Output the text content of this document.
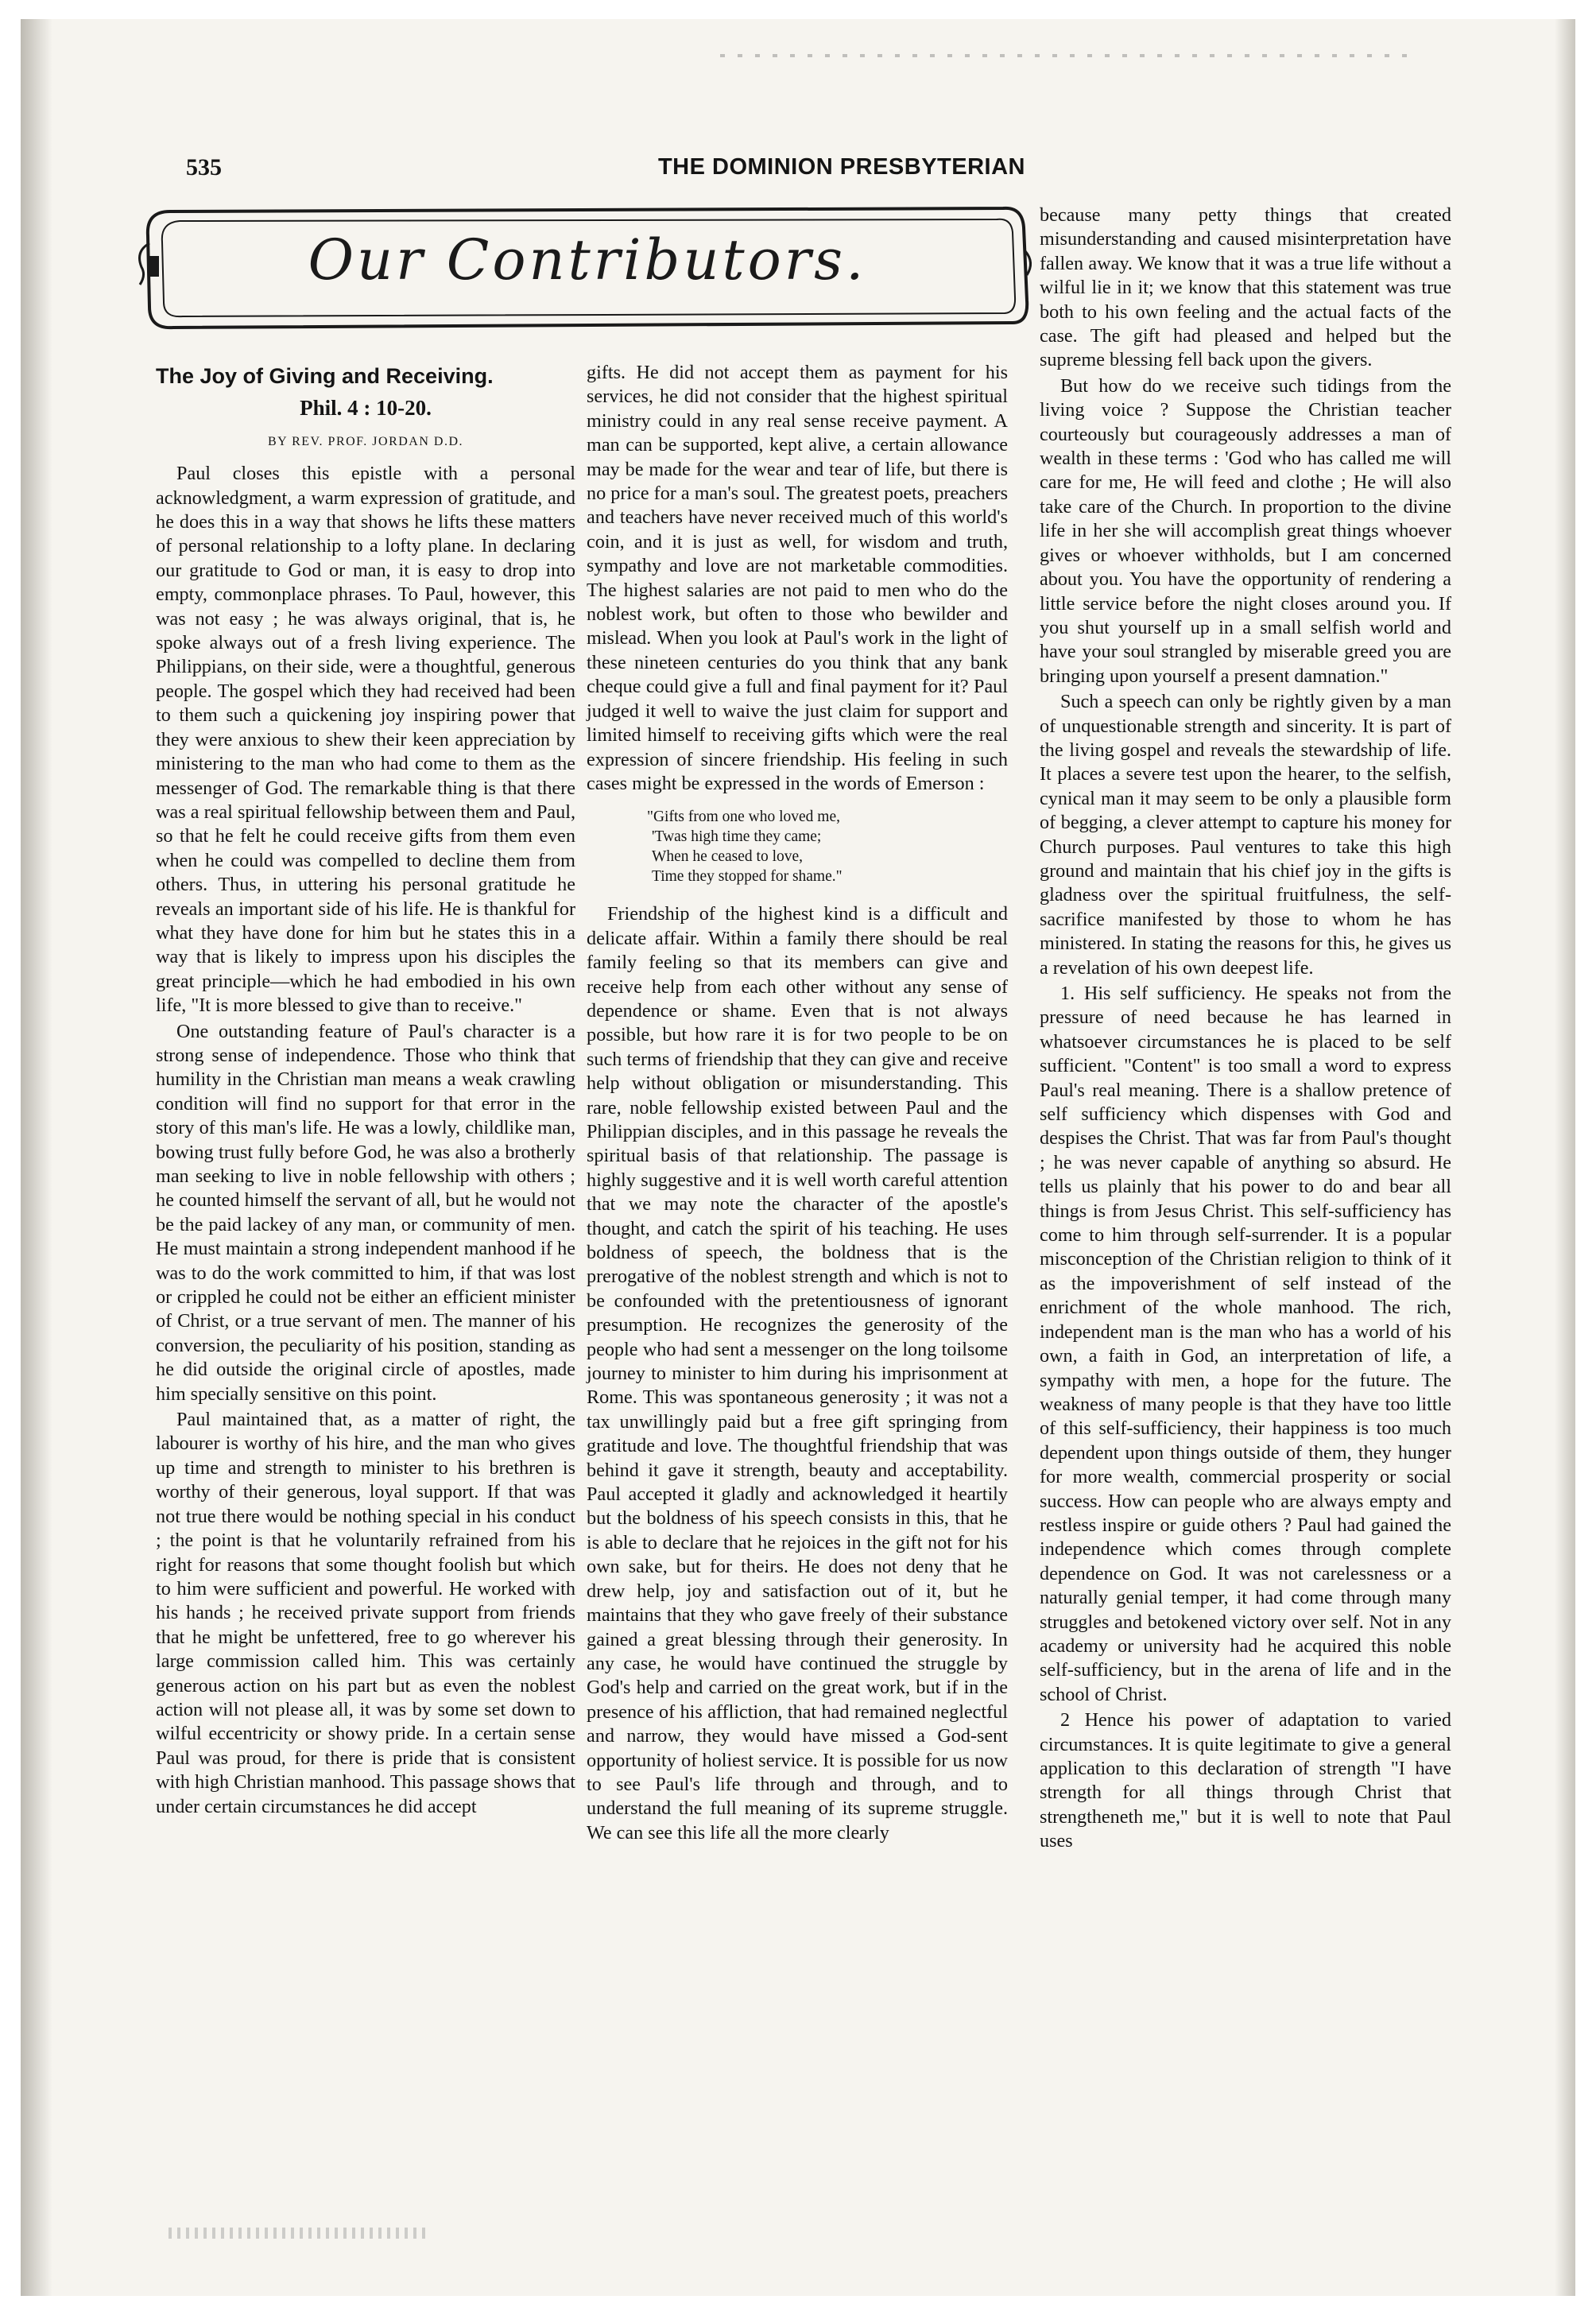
535	THE DOMINION PRESBYTERIAN
Our Contributors.
The Joy of Giving and Receiving.
Phil. 4 : 10-20.
BY REV. PROF. JORDAN D.D.

Paul closes this epistle with a personal acknowledgment, a warm expression of gratitude, and he does this in a way that shows he lifts these matters of personal relationship to a lofty plane. In declaring our gratitude to God or man, it is easy to drop into empty, commonplace phrases. To Paul, however, this was not easy ; he was always original, that is, he spoke always out of a fresh living experience. The Philippians, on their side, were a thoughtful, generous people. The gospel which they had received had been to them such a quickening joy inspiring power that they were anxious to shew their keen appreciation by ministering to the man who had come to them as the messenger of God. The remarkable thing is that there was a real spiritual fellowship between them and Paul, so that he felt he could receive gifts from them even when he could was compelled to decline them from others. Thus, in uttering his personal gratitude he reveals an important side of his life. He is thankful for what they have done for him but he states this in a way that is likely to impress upon his disciples the great principle—which he had embodied in his own life, "It is more blessed to give than to receive."

One outstanding feature of Paul's character is a strong sense of independence. Those who think that humility in the Christian man means a weak crawling condition will find no support for that error in the story of this man's life. He was a lowly, childlike man, bowing trust fully before God, he was also a brotherly man seeking to live in noble fellowship with others ; he counted himself the servant of all, but he would not be the paid lackey of any man, or community of men. He must maintain a strong independent manhood if he was to do the work committed to him, if that was lost or crippled he could not be either an efficient minister of Christ, or a true servant of men. The manner of his conversion, the peculiarity of his position, standing as he did outside the original circle of apostles, made him specially sensitive on this point.

Paul maintained that, as a matter of right, the labourer is worthy of his hire, and the man who gives up time and strength to minister to his brethren is worthy of their generous, loyal support. If that was not true there would be nothing special in his conduct ; the point is that he voluntarily refrained from his right for reasons that some thought foolish but which to him were sufficient and powerful. He worked with his hands ; he received private support from friends that he might be unfettered, free to go wherever his large commission called him. This was certainly generous action on his part but as even the noblest action will not please all, it was by some set down to wilful eccentricity or showy pride. In a certain sense Paul was proud, for there is pride that is consistent with high Christian manhood. This passage shows that under certain circumstances he did accept

gifts. He did not accept them as payment for his services, he did not consider that the highest spiritual ministry could in any real sense receive payment. A man can be supported, kept alive, a certain allowance may be made for the wear and tear of life, but there is no price for a man's soul. The greatest poets, preachers and teachers have never received much of this world's coin, and it is just as well, for wisdom and truth, sympathy and love are not marketable commodities. The highest salaries are not paid to men who do the noblest work, but often to those who bewilder and mislead. When you look at Paul's work in the light of these nineteen centuries do you think that any bank cheque could give a full and final payment for it? Paul judged it well to waive the just claim for support and limited himself to receiving gifts which were the real expression of sincere friendship. His feeling in such cases might be expressed in the words of Emerson :

"Gifts from one who loved me,
'Twas high time they came;
When he ceased to love,
Time they stopped for shame."

Friendship of the highest kind is a difficult and delicate affair. Within a family there should be real family feeling so that its members can give and receive help from each other without any sense of dependence or shame. Even that is not always possible, but how rare it is for two people to be on such terms of friendship that they can give and receive help without obligation or misunderstanding. This rare, noble fellowship existed between Paul and the Philippian disciples, and in this passage he reveals the spiritual basis of that relationship. The passage is highly suggestive and it is well worth careful attention that we may note the character of the apostle's thought, and catch the spirit of his teaching. He uses boldness of speech, the boldness that is the prerogative of the noblest strength and which is not to be confounded with the pretentiousness of ignorant presumption. He recognizes the generosity of the people who had sent a messenger on the long toilsome journey to minister to him during his imprisonment at Rome. This was spontaneous generosity ; it was not a tax unwillingly paid but a free gift springing from gratitude and love. The thoughtful friendship that was behind it gave it strength, beauty and acceptability. Paul accepted it gladly and acknowledged it heartily but the boldness of his speech consists in this, that he is able to declare that he rejoices in the gift not for his own sake, but for theirs. He does not deny that he drew help, joy and satisfaction out of it, but he maintains that they who gave freely of their substance gained a great blessing through their generosity. In any case, he would have continued the struggle by God's help and carried on the great work, but if in the presence of his affliction, that had remained neglectful and narrow, they would have missed a God-sent opportunity of holiest service. It is possible for us now to see Paul's life through and through, and to understand the full meaning of its supreme struggle. We can see this life all the more clearly

because many petty things that created misunderstanding and caused misinterpretation have fallen away. We know that it was a true life without a wilful lie in it; we know that this statement was true both to his own feeling and the actual facts of the case. The gift had pleased and helped but the supreme blessing fell back upon the givers.

But how do we receive such tidings from the living voice ? Suppose the Christian teacher courteously but courageously addresses a man of wealth in these terms : 'God who has called me will care for me, He will feed and clothe ; He will also take care of the Church. In proportion to the divine life in her she will accomplish great things whoever gives or whoever withholds, but I am concerned about you. You have the opportunity of rendering a little service before the night closes around you. If you shut yourself up in a small selfish world and have your soul strangled by miserable greed you are bringing upon yourself a present damnation."

Such a speech can only be rightly given by a man of unquestionable strength and sincerity. It is part of the living gospel and reveals the stewardship of life. It places a severe test upon the hearer, to the selfish, cynical man it may seem to be only a plausible form of begging, a clever attempt to capture his money for Church purposes. Paul ventures to take this high ground and maintain that his chief joy in the gifts is gladness over the spiritual fruitfulness, the self-sacrifice manifested by those to whom he has ministered. In stating the reasons for this, he gives us a revelation of his own deepest life.

1. His self sufficiency. He speaks not from the pressure of need because he has learned in whatsoever circumstances he is placed to be self sufficient. "Content" is too small a word to express Paul's real meaning. There is a shallow pretence of self sufficiency which dispenses with God and despises the Christ. That was far from Paul's thought ; he was never capable of anything so absurd. He tells us plainly that his power to do and bear all things is from Jesus Christ. This self-sufficiency has come to him through self-surrender. It is a popular misconception of the Christian religion to think of it as the impoverishment of self instead of the enrichment of the whole manhood. The rich, independent man is the man who has a world of his own, a faith in God, an interpretation of life, a sympathy with men, a hope for the future. The weakness of many people is that they have too little of this self-sufficiency, their happiness is too much dependent upon things outside of them, they hunger for more wealth, commercial prosperity or social success. How can people who are always empty and restless inspire or guide others ? Paul had gained the independence which comes through complete dependence on God. It was not carelessness or a naturally genial temper, it had come through many struggles and betokened victory over self. Not in any academy or university had he acquired this noble self-sufficiency, but in the arena of life and in the school of Christ.

2 Hence his power of adaptation to varied circumstances. It is quite legitimate to give a general application to this declaration of strength "I have strength for all things through Christ that strengtheneth me," but it is well to note that Paul uses
